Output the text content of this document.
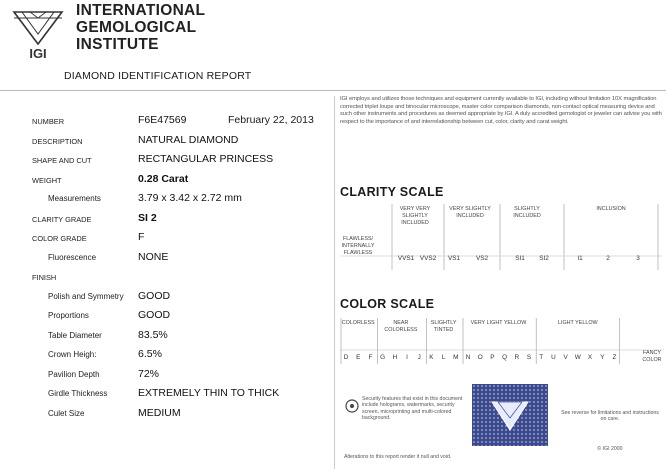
IGI
INTERNATIONAL
GEMOLOGICAL
INSTITUTE
DIAMOND IDENTIFICATION REPORT
NUMBER	F6E47569	February 22, 2013
DESCRIPTION	NATURAL DIAMOND
SHAPE AND CUT	RECTANGULAR PRINCESS
WEIGHT	0.28 Carat
Measurements	3.79 x 3.42 x 2.72 mm
CLARITY GRADE	SI 2
COLOR GRADE	F
Fluorescence	NONE
FINISH
Polish and Symmetry GOOD
Proportions	GOOD
Table Diameter	83.5%
Crown Heigh:	6.5%
Pavilion Depth	72%
Girdle Thickness	EXTREMELY THIN TO THICK
Culet Size	MEDIUM
IGI employs and utilizes those techniques and equipment currently available to IGI, including without limitation 10X magnification corrected triplet loupe and binocular microscope, master color comparison diamonds, non-contact optical measuring device and such other instruments and procedures as deemed appropriate by IGI. A duly accredited gemologist or jeweler can advise you with respect to the importance of and interrelationship between cut, color, clarity and carat weight.
CLARITY SCALE
VERY VERY SLIGHTLY INCLUDED
VERY SLIGHTLY INCLUDED
SLIGHTLY INCLUDED
INCLUSION
FLAWLESS/ INTERNALLY FLAWLESS
VVS1 VVS2 VS1 VS2	SI1 SI2	I1	2	3
COLOR SCALE
COLORLESS	NEAR COLORLESS
SLIGHTLY TINTED
VERY LIGHT YELLOW	LIGHT YELLOW
D E F G H I J K L M N O P Q R S T U V W X Y Z
FANCY COLOR
Security features that exist in this document include holograms, watermarks, security screen, microprinting and multi-colored background.
See reverse for limitations and instructions on care.
Alterations to this report render it null and void.
© IGI 2000
